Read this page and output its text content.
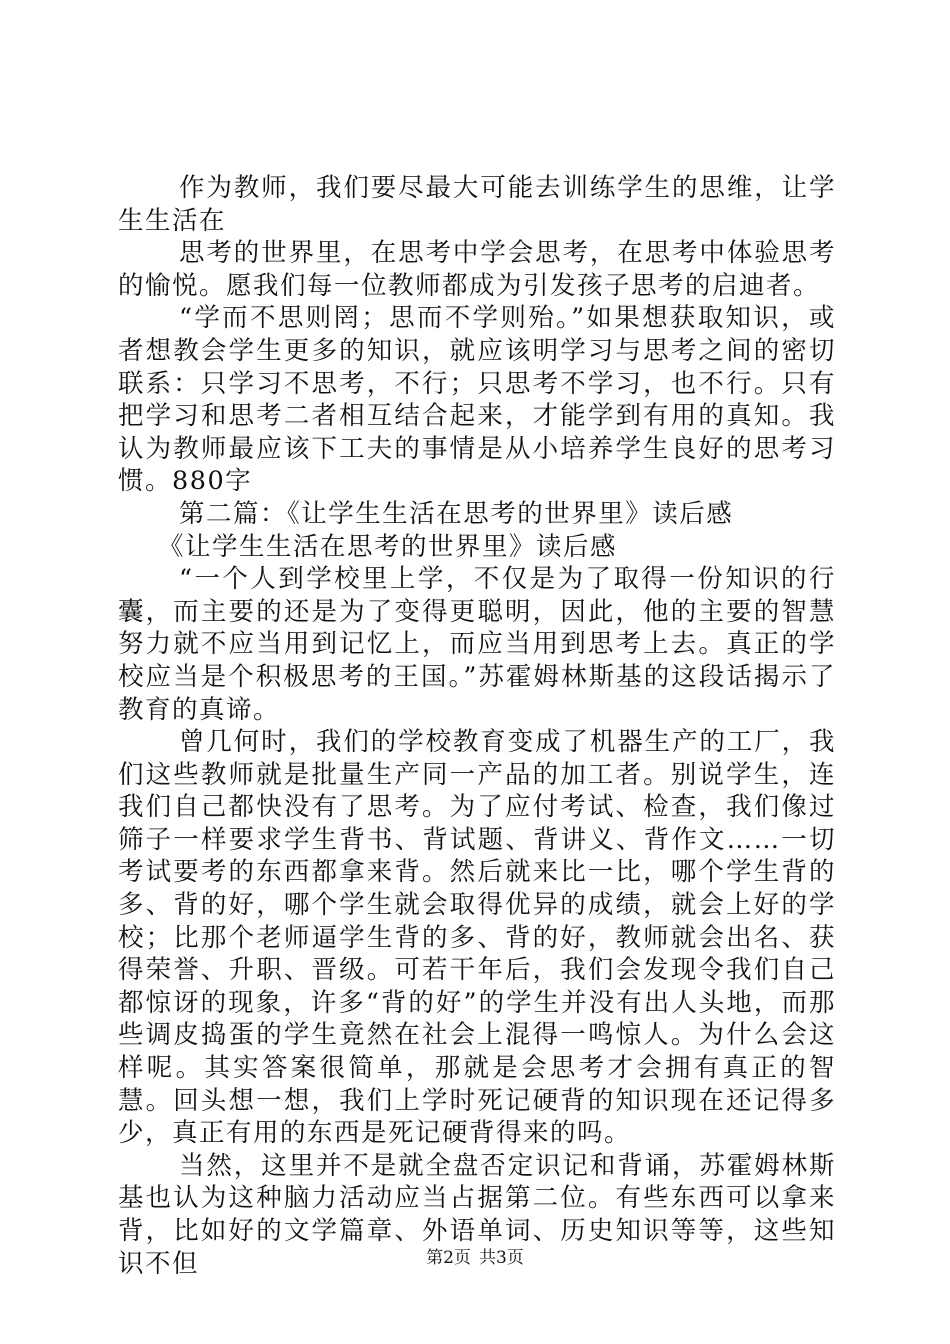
作为教师，我们要尽最大可能去训练学生的思维，让学生生活在

思考的世界里，在思考中学会思考，在思考中体验思考的愉悦。愿我们每一位教师都成为引发孩子思考的启迪者。

“学而不思则罔；思而不学则殆。”如果想获取知识，或者想教会学生更多的知识，就应该明学习与思考之间的密切联系：只学习不思考，不行；只思考不学习，也不行。只有把学习和思考二者相互结合起来，才能学到有用的真知。我认为教师最应该下工夫的事情是从小培养学生良好的思考习惯。880字

第二篇：《让学生生活在思考的世界里》读后感

《让学生生活在思考的世界里》读后感

“一个人到学校里上学，不仅是为了取得一份知识的行囊，而主要的还是为了变得更聪明，因此，他的主要的智慧努力就不应当用到记忆上，而应当用到思考上去。真正的学校应当是个积极思考的王国。”苏霍姆林斯基的这段话揭示了教育的真谛。

曾几何时，我们的学校教育变成了机器生产的工厂，我们这些教师就是批量生产同一产品的加工者。别说学生，连我们自己都快没有了思考。为了应付考试、检查，我们像过筛子一样要求学生背书、背试题、背讲义、背作文……一切考试要考的东西都拿来背。然后就来比一比，哪个学生背的多、背的好，哪个学生就会取得优异的成绩，就会上好的学校；比那个老师逼学生背的多、背的好，教师就会出名、获得荣誉、升职、晋级。可若干年后，我们会发现令我们自己都惊讶的现象，许多“背的好”的学生并没有出人头地，而那些调皮捣蛋的学生竟然在社会上混得一鸣惊人。为什么会这样呢。其实答案很简单，那就是会思考才会拥有真正的智慧。回头想一想，我们上学时死记硬背的知识现在还记得多少，真正有用的东西是死记硬背得来的吗。

当然，这里并不是就全盘否定识记和背诵，苏霍姆林斯基也认为这种脑力活动应当占据第二位。有些东西可以拿来背，比如好的文学篇章、外语单词、历史知识等等，这些知识不但	第2页 共3页
